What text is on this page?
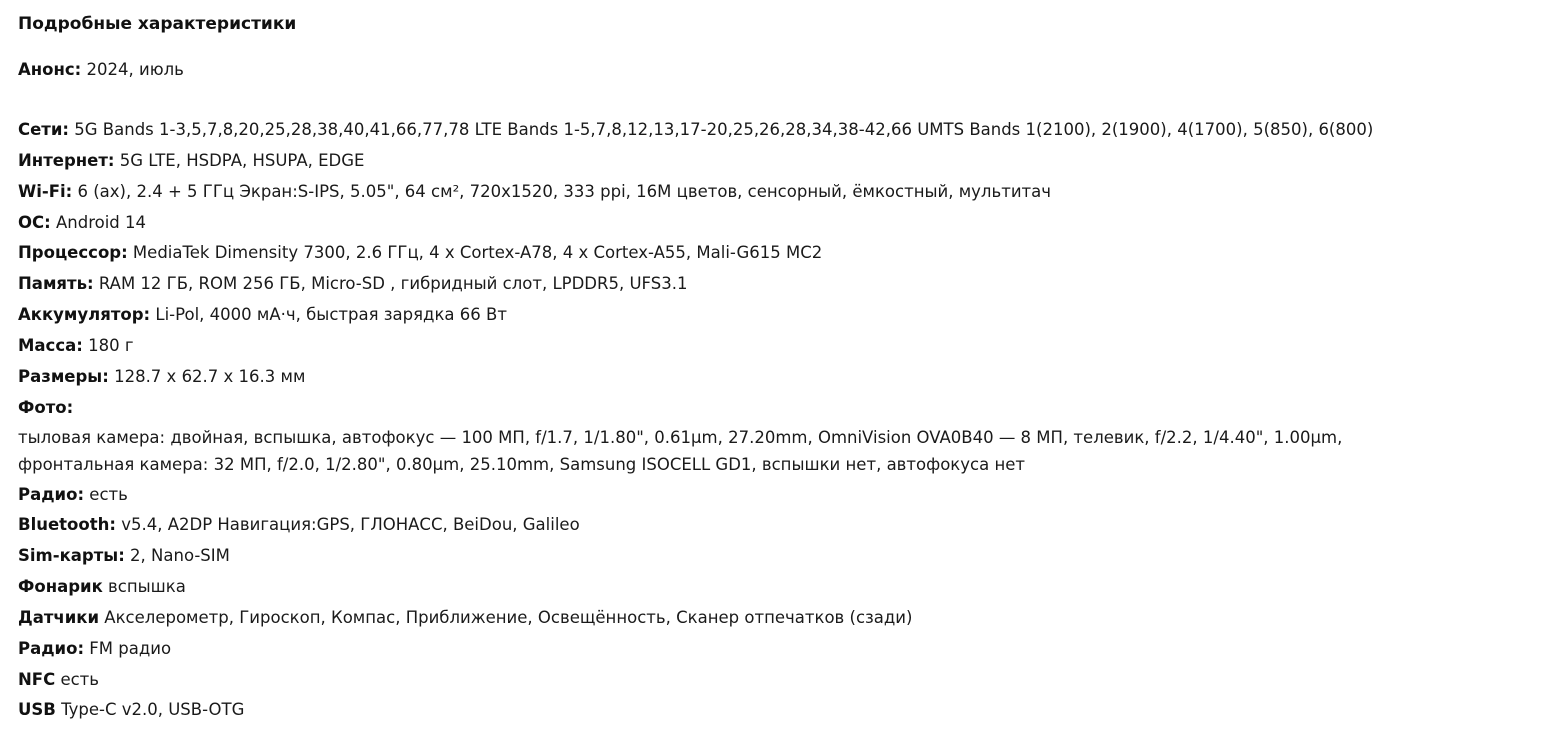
Подробные характеристики
Анонс: 2024, июль
Сети: 5G Bands 1-3,5,7,8,20,25,28,38,40,41,66,77,78 LTE Bands 1-5,7,8,12,13,17-20,25,26,28,34,38-42,66 UMTS Bands 1(2100), 2(1900), 4(1700), 5(850), 6(800)
Интернет: 5G LTE, HSDPA, HSUPA, EDGE
Wi-Fi: 6 (ax), 2.4 + 5 ГГц Экран:S-IPS, 5.05", 64 см², 720x1520, 333 ppi, 16M цветов, сенсорный, ёмкостный, мультитач
ОС: Android 14
Процессор: MediaTek Dimensity 7300, 2.6 ГГц, 4 x Cortex-A78, 4 x Cortex-A55, Mali-G615 MC2
Память: RAM 12 ГБ, ROM 256 ГБ, Micro-SD , гибридный слот, LPDDR5, UFS3.1
Аккумулятор: Li-Pol, 4000 мА·ч, быстрая зарядка 66 Вт
Масса: 180 г
Размеры: 128.7 x 62.7 x 16.3 мм
Фото:
тыловая камера: двойная, вспышка, автофокус — 100 МП, f/1.7, 1/1.80", 0.61µm, 27.20mm, OmniVision OVA0B40 — 8 МП, телевик, f/2.2, 1/4.40", 1.00µm,
фронтальная камера: 32 МП, f/2.0, 1/2.80", 0.80µm, 25.10mm, Samsung ISOCELL GD1, вспышки нет, автофокуса нет
Радио: есть
Bluetooth: v5.4, A2DP Навигация:GPS, ГЛОНАСС, BeiDou, Galileo
Sim-карты: 2, Nano-SIM
Фонарик вспышка
Датчики Акселерометр, Гироскоп, Компас, Приближение, Освещённость, Сканер отпечатков (сзади)
Радио: FM радио
NFC есть
USB Type-C v2.0, USB-OTG
